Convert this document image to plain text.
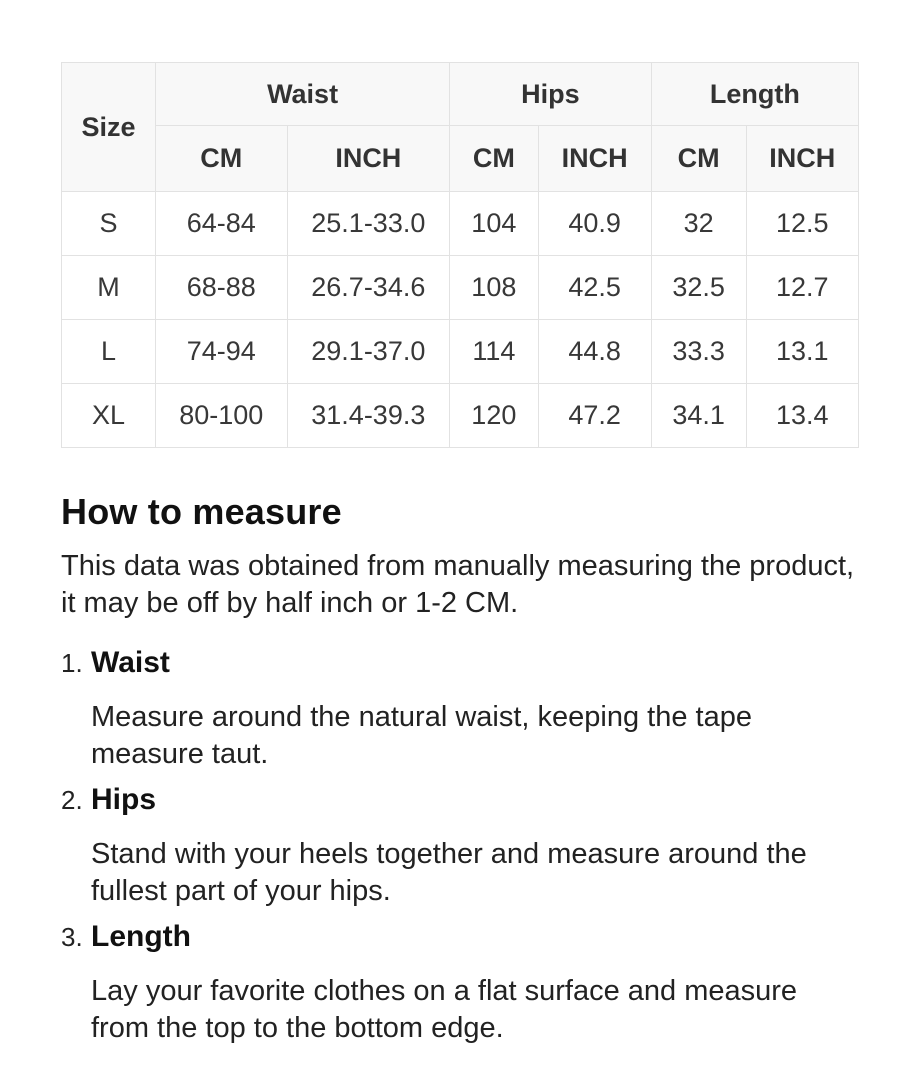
Size	Waist		Hips		Length	
	CM	INCH	CM	INCH	CM	INCH
S	64-84	25.1-33.0	104	40.9	32	12.5
M	68-88	26.7-34.6	108	42.5	32.5	12.7
L	74-94	29.1-37.0	114	44.8	33.3	13.1
XL	80-100	31.4-39.3	120	47.2	34.1	13.4
How to measure

This data was obtained from manually measuring the product, it may be off by half inch or 1-2 CM.

1. Waist

Measure around the natural waist, keeping the tape measure taut.

2. Hips

Stand with your heels together and measure around the fullest part of your hips.

3. Length

Lay your favorite clothes on a flat surface and measure from the top to the bottom edge.
